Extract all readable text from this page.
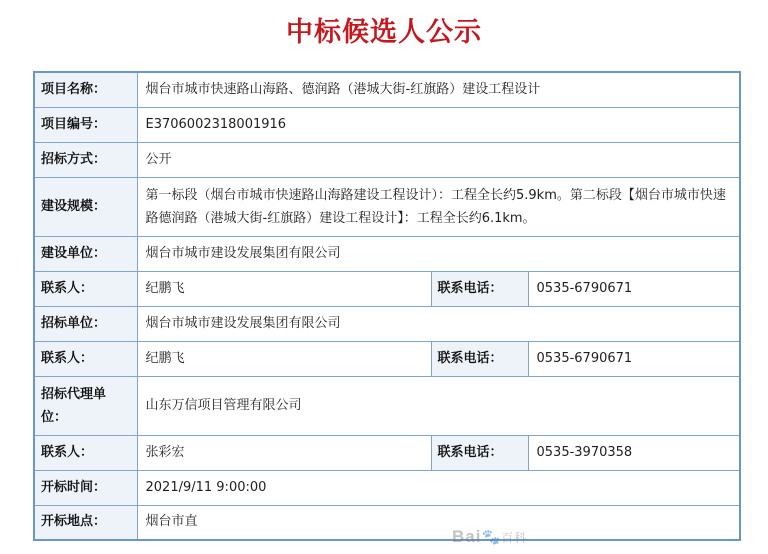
中标候选人公示
项目名称：	烟台市城市快速路山海路、德润路（港城大街-红旗路）建设工程设计		
项目编号：	E3706002318001916		
招标方式：	公开		
建设规模：	第一标段（烟台市城市快速路山海路建设工程设计）：工程全长约5.9km。第二标段【烟台市城市快速路德润路（港城大街-红旗路）建设工程设计】：工程全长约6.1km。		
建设单位：	烟台市城市建设发展集团有限公司		
联系人：	纪鹏飞	联系电话：	0535-6790671
招标单位：	烟台市城市建设发展集团有限公司		
联系人：	纪鹏飞	联系电话：	0535-6790671
招标代理单位：	山东万信项目管理有限公司		
联系人：	张彩宏	联系电话：	0535-3970358
开标时间：	2021/9/11 9:00:00		
开标地点：	烟台市直		
Bai🐾百科
